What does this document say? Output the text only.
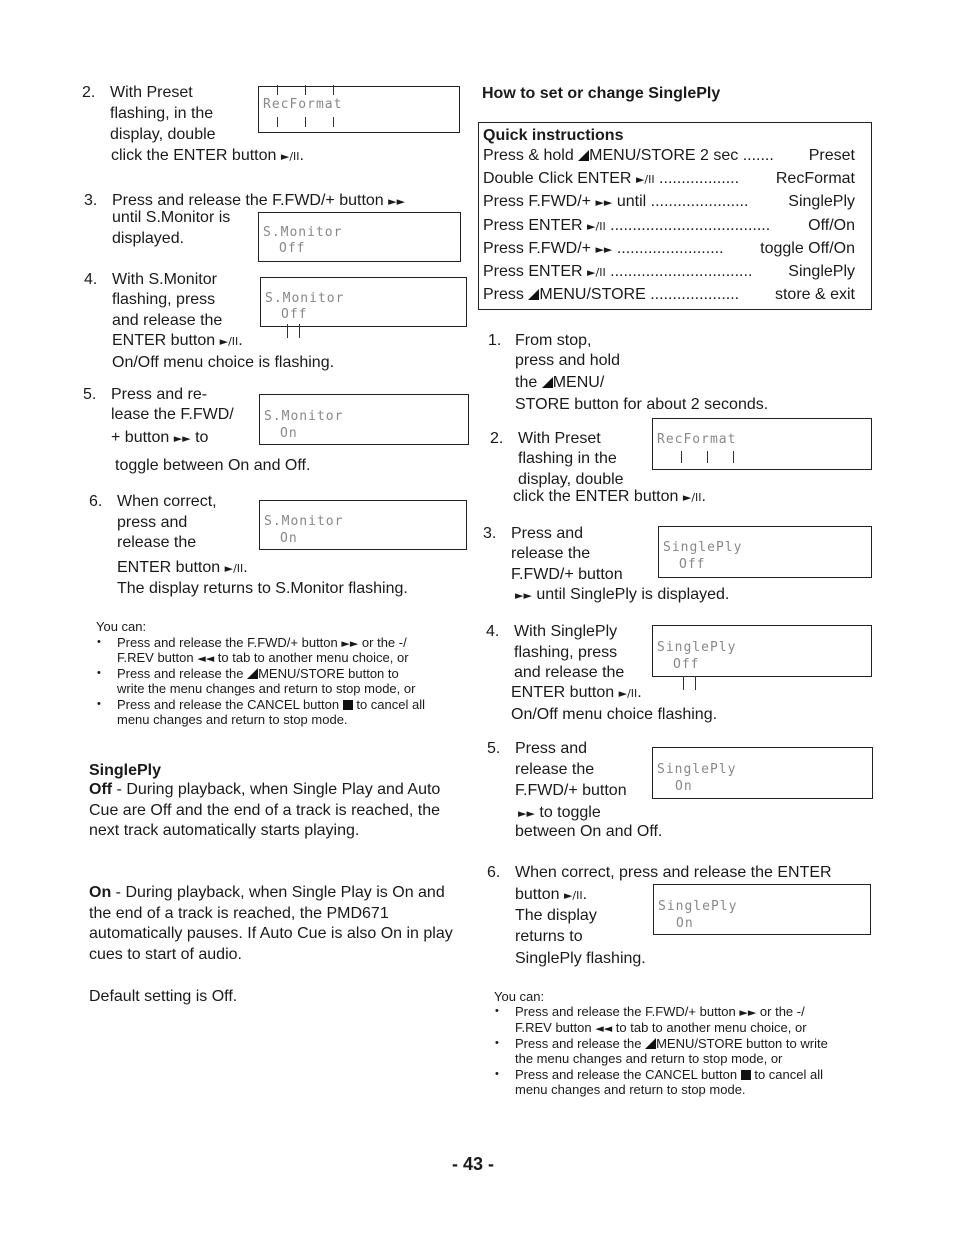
2. With Preset
flashing, in the
display, double
click the ENTER button ►/II.
RecFormat
3. Press and release the F.FWD/+ button ►►
until S.Monitor is
displayed.	S.Monitor
Off
4. With S.Monitor
flashing, press
and release the
ENTER button ►/II.
On/Off menu choice is flashing.
S.Monitor
Off
5. Press and re-
lease the F.FWD/
+ button ►► to
toggle between On and Off.
S.Monitor
On
6. When correct,
press and
release the
ENTER button ►/II.
The display returns to S.Monitor flashing.
S.Monitor
On
You can:
• Press and release the F.FWD/+ button ►► or the -/
F.REV button ◄◄ to tab to another menu choice, or
• Press and release the MENU/STORE button to
write the menu changes and return to stop mode, or
• Press and release the CANCEL button to cancel all
menu changes and return to stop mode.
SinglePly
Off - During playback, when Single Play and Auto Cue are Off and the end of a track is reached, the next track automatically starts playing.
On - During playback, when Single Play is On and the end of a track is reached, the PMD671 automatically pauses. If Auto Cue is also On in play cues to start of audio.
Default setting is Off.
How to set or change SinglePly
Quick instructions
Press & hold MENU/STORE 2 sec ....... Preset
Double Click ENTER ►/II .................. RecFormat
Press F.FWD/+ ►► until ...................... SinglePly
Press ENTER ►/II .................................... Off/On
Press F.FWD/+ ►► ........................ toggle Off/On
Press ENTER ►/II ................................ SinglePly
Press MENU/STORE .................... store & exit
1. From stop,
press and hold
the MENU/
STORE button for about 2 seconds.
2. With Preset
flashing in the
display, double
click the ENTER button ►/II.
RecFormat
3. Press and
release the
F.FWD/+ button
►► until SinglePly is displayed.
SinglePly
Off
4. With SinglePly
flashing, press
and release the
ENTER button ►/II.
On/Off menu choice flashing.
SinglePly
Off
5. Press and
release the
F.FWD/+ button
►► to toggle
between On and Off.
SinglePly
On
6. When correct, press and release the ENTER
button ►/II.
The display
returns to
SinglePly flashing.
SinglePly
On
You can:
• Press and release the F.FWD/+ button ►► or the -/
F.REV button ◄◄ to tab to another menu choice, or
• Press and release the MENU/STORE button to write
the menu changes and return to stop mode, or
• Press and release the CANCEL button to cancel all
menu changes and return to stop mode.
- 43 -
